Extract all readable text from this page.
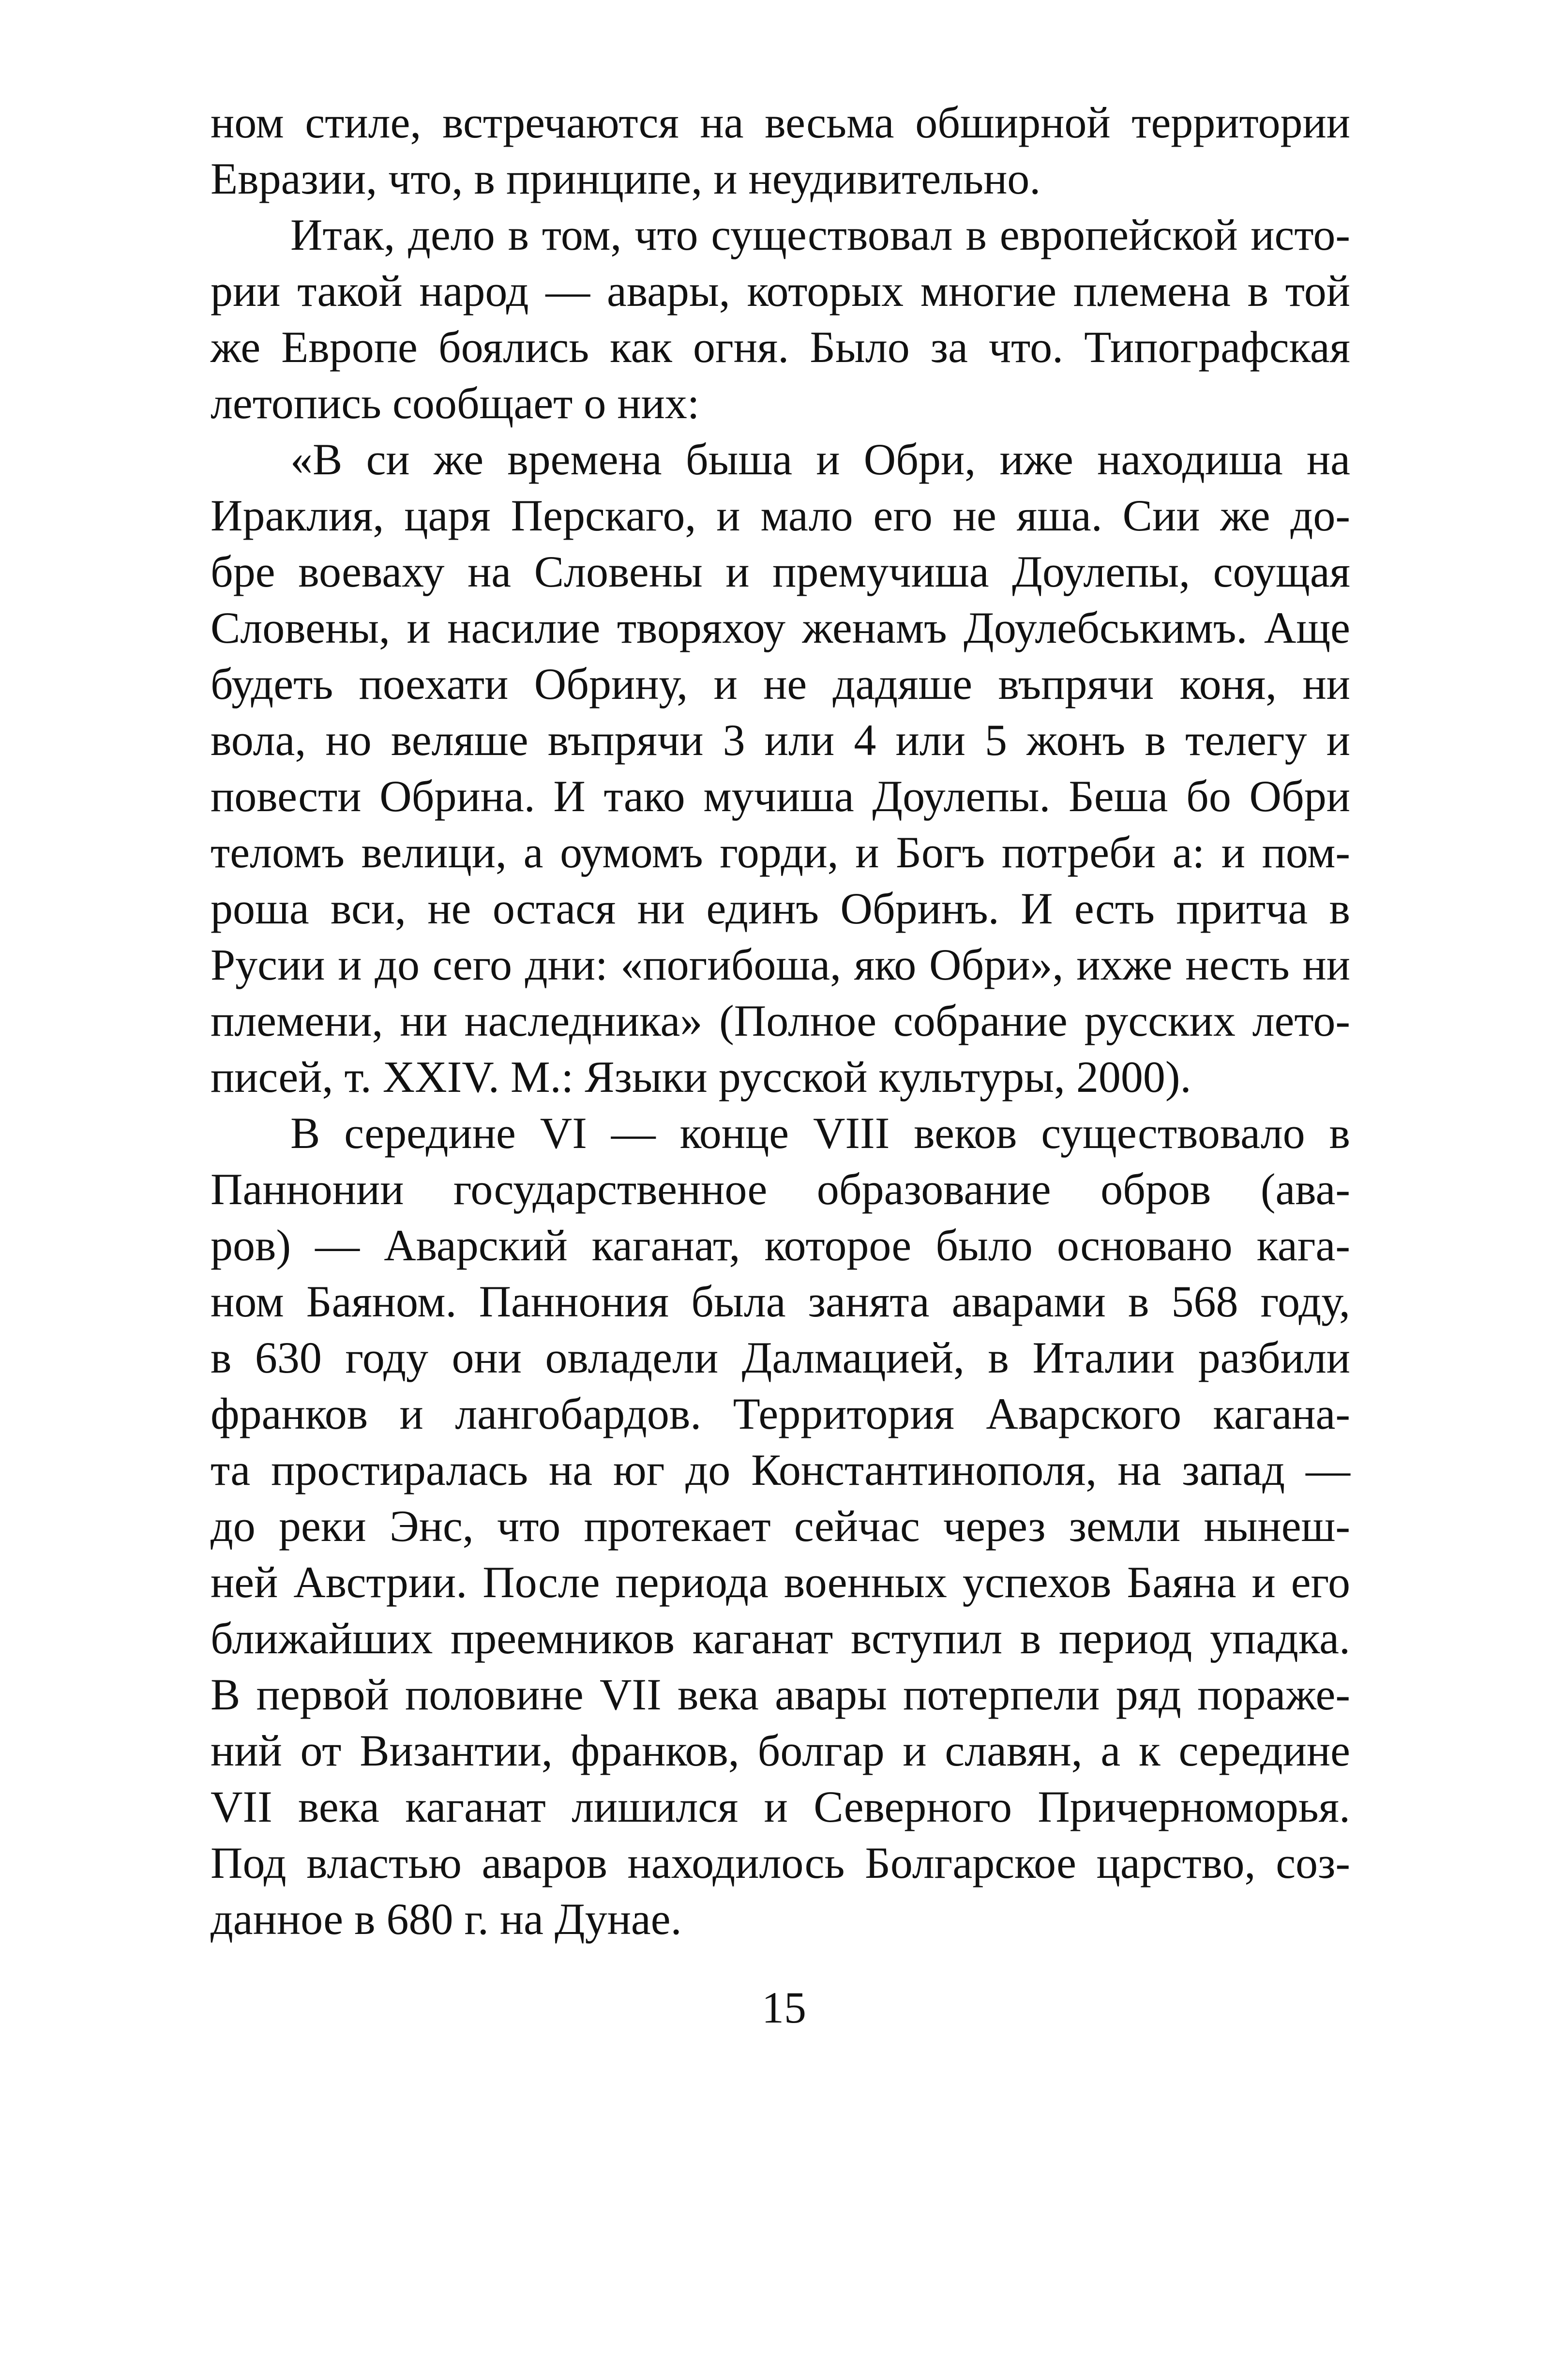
ном стиле, встречаются на весьма обширной территории
Евразии, что, в принципе, и неудивительно.

Итак, дело в том, что существовал в европейской исто-
рии такой народ — авары, которых многие племена в той
же Европе боялись как огня. Было за что. Типографская
летопись сообщает о них:

«В си же времена быша и Обри, иже находиша на
Ираклия, царя Перскаго, и мало его не яша. Сии же до-
бре воеваху на Словены и премучиша Доулепы, соущая
Словены, и насилие творяхоу женамъ Доулебськимъ. Аще
будеть поехати Обрину, и не дадяше въпрячи коня, ни
вола, но веляше въпрячи 3 или 4 или 5 жонъ в телегу и
повести Обрина. И тако мучиша Доулепы. Беша бо Обри
теломъ велици, а оумомъ горди, и Богъ потреби а: и пом-
роша вси, не остася ни единъ Обринъ. И есть притча в
Русии и до сего дни: «погибоша, яко Обри», ихже несть ни
племени, ни наследника» (Полное собрание русских лето-
писей, т. XXIV. М.: Языки русской культуры, 2000).

В середине VI — конце VIII веков существовало в
Паннонии государственное образование обров (ава-
ров) — Аварский каганат, которое было основано кага-
ном Баяном. Паннония была занята аварами в 568 году,
в 630 году они овладели Далмацией, в Италии разбили
франков и лангобардов. Территория Аварского кагана-
та простиралась на юг до Константинополя, на запад —
до реки Энс, что протекает сейчас через земли нынеш-
ней Австрии. После периода военных успехов Баяна и его
ближайших преемников каганат вступил в период упадка.
В первой половине VII века авары потерпели ряд пораже-
ний от Византии, франков, болгар и славян, а к середине
VII века каганат лишился и Северного Причерноморья.
Под властью аваров находилось Болгарское царство, соз-
данное в 680 г. на Дунае.

15
